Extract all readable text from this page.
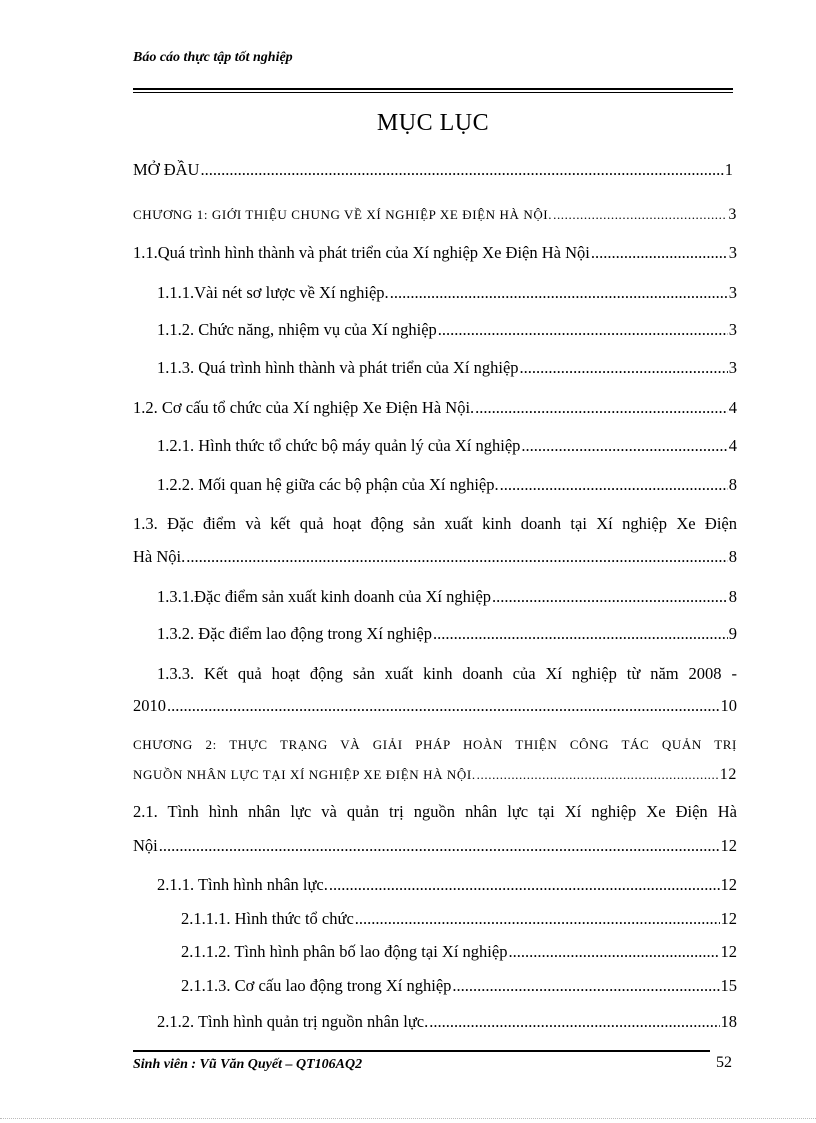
Báo cáo thực tập tốt nghiệp
MỤC LỤC
MỞ ĐẦU .....	1
CHƯƠNG 1: GIỚI THIỆU CHUNG VỀ XÍ NGHIỆP XE ĐIỆN HÀ NỘI. .....	3
1.1.Quá trình hình thành và phát triển của Xí nghiệp Xe Điện Hà Nội .....	3
1.1.1.Vài nét sơ lược về Xí nghiệp. .....	3
1.1.2. Chức năng, nhiệm vụ của Xí nghiệp .....	3
1.1.3. Quá trình hình thành và phát triển của Xí nghiệp .....	3
1.2. Cơ cấu tổ chức của Xí nghiệp Xe Điện Hà Nội. .....	4
1.2.1. Hình thức tổ chức bộ máy quản lý của Xí nghiệp .....	4
1.2.2. Mối quan hệ giữa các bộ phận của Xí nghiệp. .....	8
1.3. Đặc điểm và kết quả hoạt động sản xuất kinh doanh tại Xí nghiệp Xe Điện
Hà Nội. .....	8
1.3.1.Đặc điểm sản xuất kinh doanh của Xí nghiệp .....	8
1.3.2. Đặc điểm lao động trong Xí nghiệp .....	9
1.3.3. Kết quả hoạt động sản xuất kinh doanh của Xí nghiệp từ năm 2008 -
2010 .....	10
CHƯƠNG 2: THỰC TRẠNG VÀ GIẢI PHÁP HOÀN THIỆN CÔNG TÁC QUẢN TRỊ
NGUỒN NHÂN LỰC TẠI XÍ NGHIỆP XE ĐIỆN HÀ NỘI. .....	12
2.1. Tình hình nhân lực và quản trị nguồn nhân lực tại Xí nghiệp Xe Điện Hà
Nội .....	12
2.1.1. Tình hình nhân lực. .....	12
2.1.1.1. Hình thức tổ chức .....	12
2.1.1.2. Tình hình phân bố lao động tại Xí nghiệp .....	12
2.1.1.3. Cơ cấu lao động trong Xí nghiệp .....	15
2.1.2. Tình hình quản trị nguồn nhân lực. .....	18
Sinh viên : Vũ Văn Quyết – QT106AQ2	52
